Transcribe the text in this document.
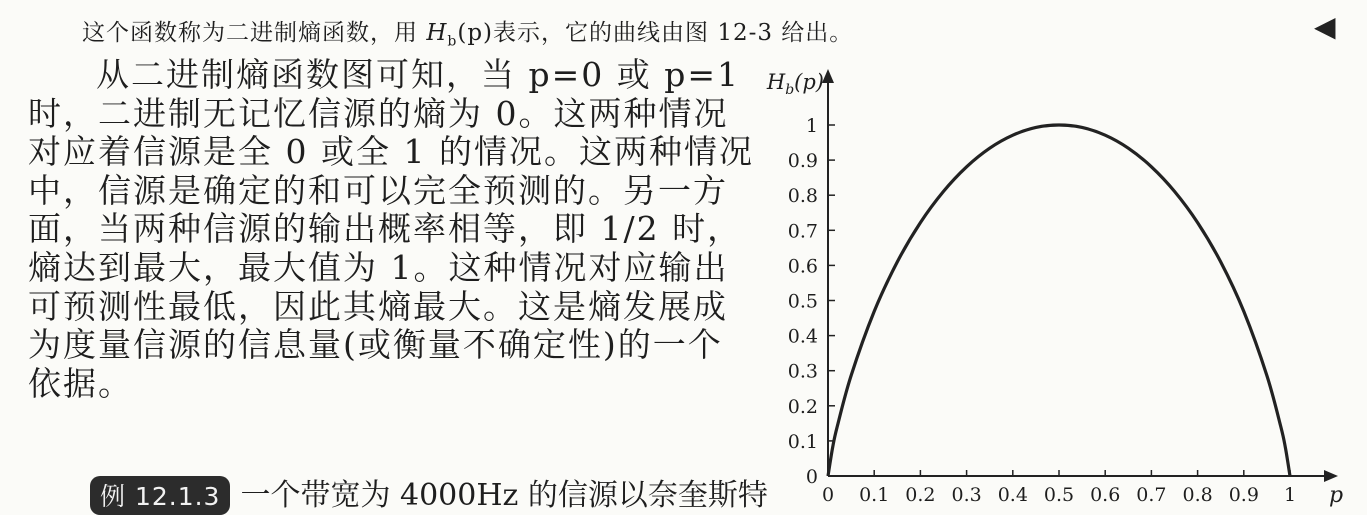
这个函数称为二进制熵函数，用 $H_b(p)$表示，它的曲线由图 12-3 给出。	◀
从二进制熵函数图可知，当 p=0 或 p=1
时，二进制无记忆信源的熵为 0。这两种情况
对应着信源是全 0 或全 1 的情况。这两种情况
中，信源是确定的和可以完全预测的。另一方
面，当两种信源的输出概率相等，即 1/2 时，
熵达到最大，最大值为 1。这种情况对应输出
可预测性最低，因此其熵最大。这是熵发展成
为度量信源的信息量(或衡量不确定性)的一个
依据。
例 12.1.3 一个带宽为 4000Hz 的信源以奈奎斯特	0 0.1 0.2 0.3 0.4 0.5 0.6 0.7 0.8 0.9 1
0
0.1
0.2
0.3
0.4
0.5
0.6
0.7
0.8
0.9
1
$H_b(p)$
p
